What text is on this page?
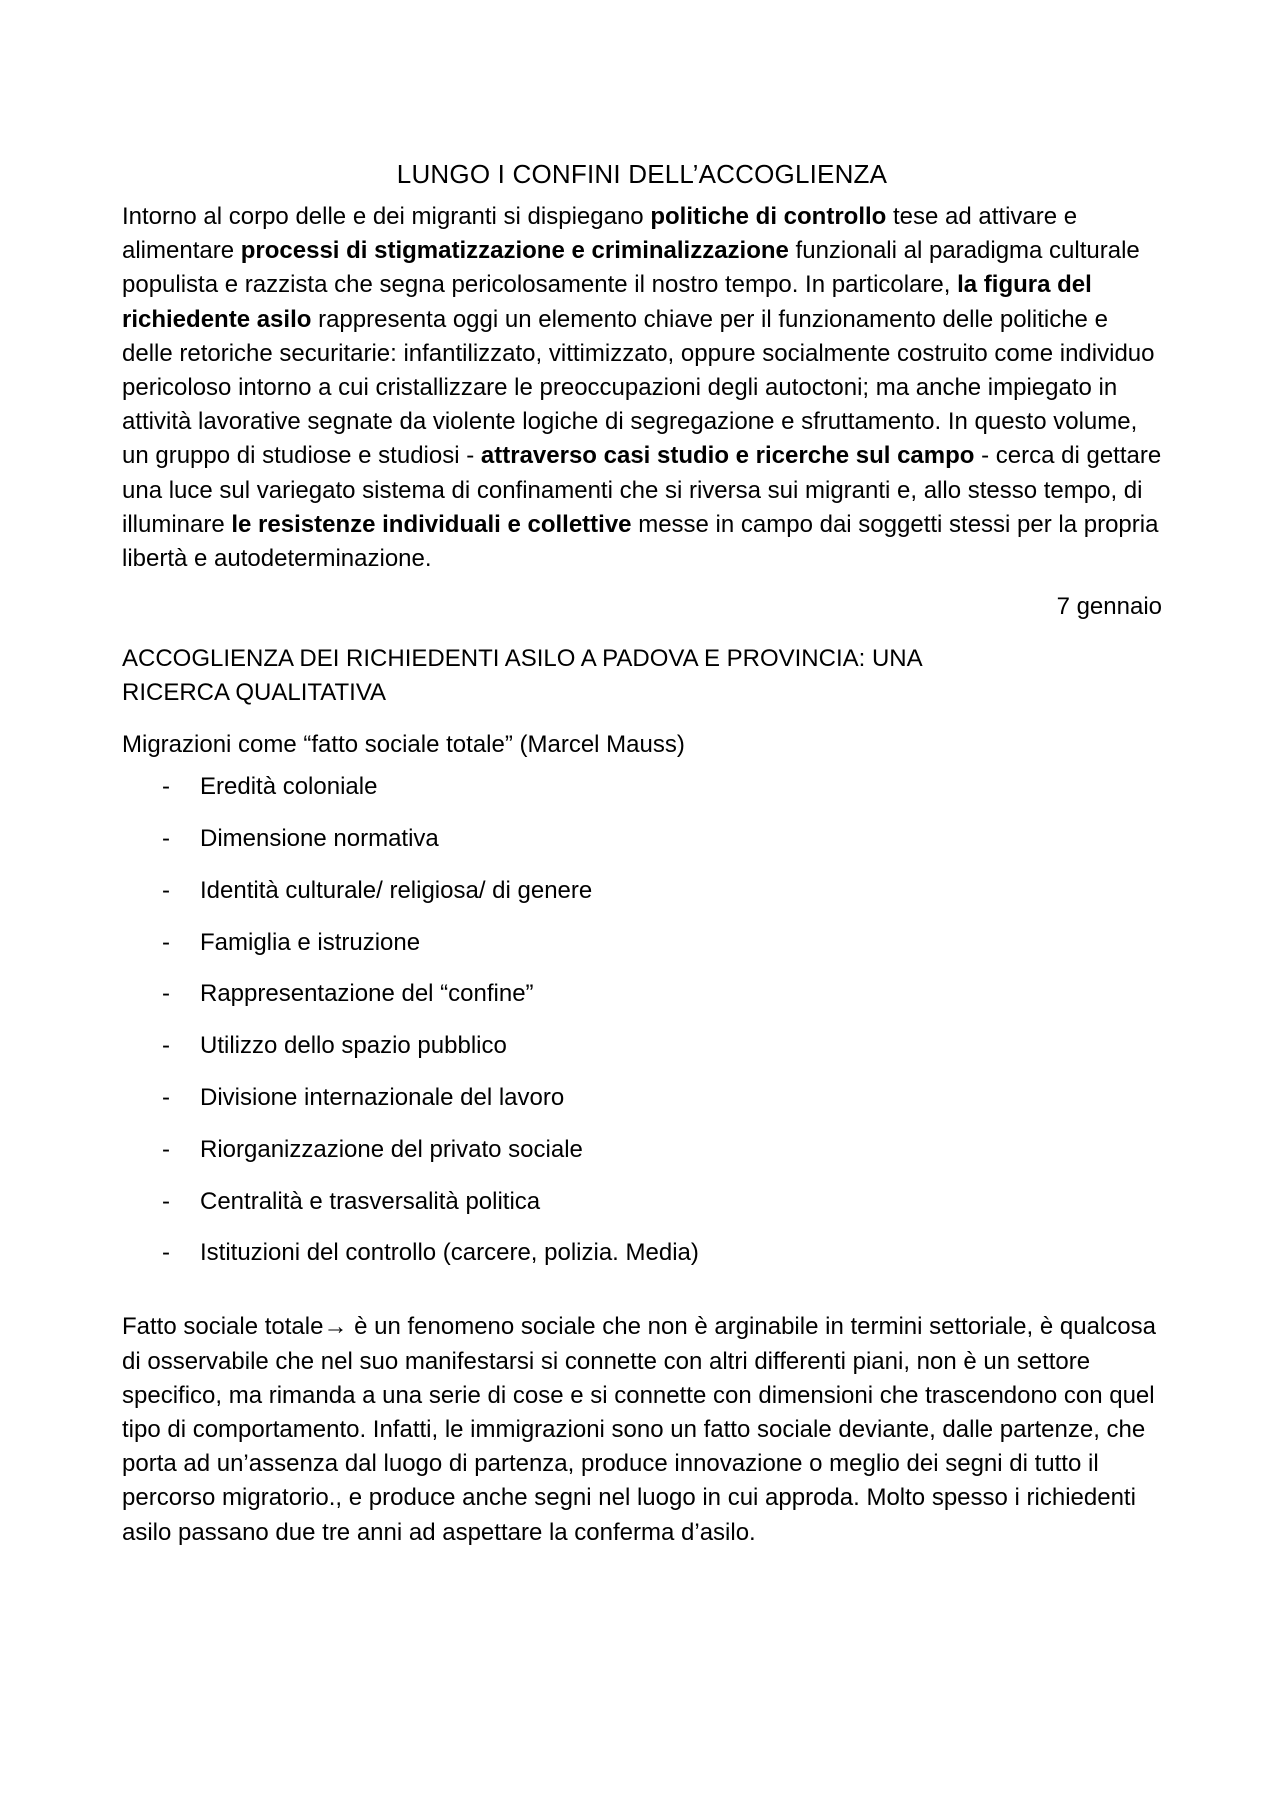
LUNGO I CONFINI DELL’ACCOGLIENZA

Intorno al corpo delle e dei migranti si dispiegano politiche di controllo tese ad attivare e alimentare processi di stigmatizzazione e criminalizzazione funzionali al paradigma culturale populista e razzista che segna pericolosamente il nostro tempo. In particolare, la figura del richiedente asilo rappresenta oggi un elemento chiave per il funzionamento delle politiche e delle retoriche securitarie: infantilizzato, vittimizzato, oppure socialmente costruito come individuo pericoloso intorno a cui cristallizzare le preoccupazioni degli autoctoni; ma anche impiegato in attività lavorative segnate da violente logiche di segregazione e sfruttamento. In questo volume, un gruppo di studiose e studiosi - attraverso casi studio e ricerche sul campo - cerca di gettare una luce sul variegato sistema di confinamenti che si riversa sui migranti e, allo stesso tempo, di illuminare le resistenze individuali e collettive messe in campo dai soggetti stessi per la propria libertà e autodeterminazione.

7 gennaio
ACCOGLIENZA DEI RICHIEDENTI ASILO A PADOVA E PROVINCIA: UNA RICERCA QUALITATIVA
Migrazioni come “fatto sociale totale” (Marcel Mauss)
- Eredità coloniale
- Dimensione normativa
- Identità culturale/ religiosa/ di genere
- Famiglia e istruzione
- Rappresentazione del “confine”
- Utilizzo dello spazio pubblico
- Divisione internazionale del lavoro
- Riorganizzazione del privato sociale
- Centralità e trasversalità politica
- Istituzioni del controllo (carcere, polizia. Media)

Fatto sociale totale→ è un fenomeno sociale che non è arginabile in termini settoriale, è qualcosa di osservabile che nel suo manifestarsi si connette con altri differenti piani, non è un settore specifico, ma rimanda a una serie di cose e si connette con dimensioni che trascendono con quel tipo di comportamento. Infatti, le immigrazioni sono un fatto sociale deviante, dalle partenze, che porta ad un’assenza dal luogo di partenza, produce innovazione o meglio dei segni di tutto il percorso migratorio., e produce anche segni nel luogo in cui approda. Molto spesso i richiedenti asilo passano due tre anni ad aspettare la conferma d’asilo.
